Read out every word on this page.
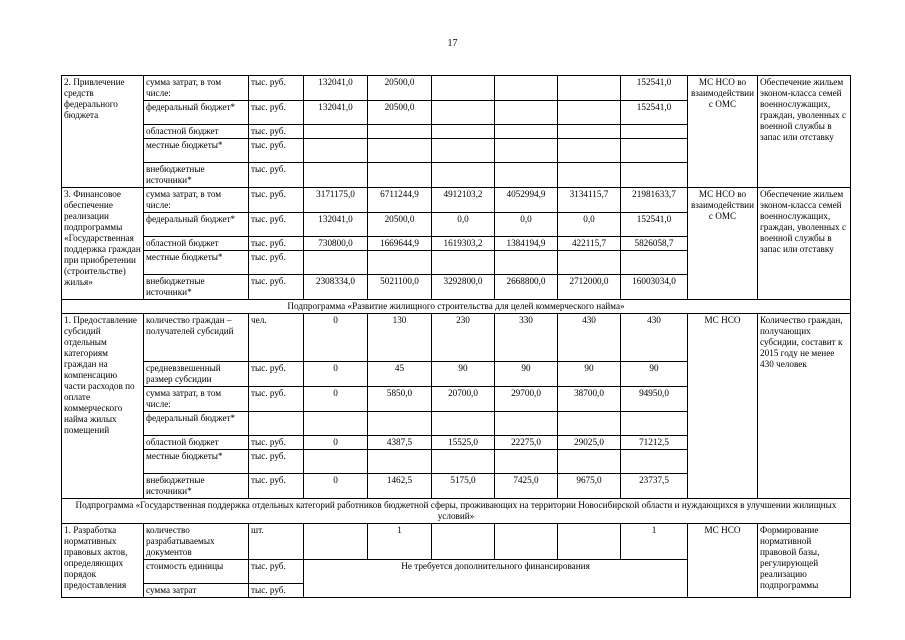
17
2. Привлечение средств федерального бюджета	сумма затрат, в том числе:	тыс. руб.	132041,0	20500,0				152541,0	МС НСО во взаимодействии с ОМС	Обеспечение жильем эконом-класса семей военнослужащих, граждан, уволенных с военной службы в запас или отставку
	федеральный бюджет*	тыс. руб.	132041,0	20500,0				152541,0		
	областной бюджет	тыс. руб.								
	местные бюджеты*	тыс. руб.								
	внебюджетные источники*	тыс. руб.								
3. Финансовое обеспечение реализации подпрограммы «Государственная поддержка граждан при приобретении (строительстве) жилья»	сумма затрат, в том числе:	тыс. руб.	3171175,0	6711244,9	4912103,2	4052994,9	3134115,7	21981633,7	МС НСО во взаимодействии с ОМС	Обеспечение жильем эконом-класса семей военнослужащих, граждан, уволенных с военной службы в запас или отставку
	федеральный бюджет*	тыс. руб.	132041,0	20500,0	0,0	0,0	0,0	152541,0		
	областной бюджет	тыс. руб.	730800,0	1669644,9	1619303,2	1384194,9	422115,7	5826058,7		
	местные бюджеты*	тыс. руб.								
	внебюджетные источники*	тыс. руб.	2308334,0	5021100,0	3292800,0	2668800,0	2712000,0	16003034,0		
Подпрограмма «Развитие жилищного строительства для целей коммерческого найма»										
1. Предоставление субсидий отдельным категориям граждан на компенсацию части расходов по оплате коммерческого найма жилых помещений	количество граждан – получателей субсидий	чел.	0	130	230	330	430	430	МС НСО	Количество граждан, получающих субсидии, составит к 2015 году не менее 430 человек
	средневзвешенный размер субсидии	тыс. руб.	0	45	90	90	90	90		
	сумма затрат, в том числе:	тыс. руб.	0	5850,0	20700,0	29700,0	38700,0	94950,0		
	федеральный бюджет*									
	областной бюджет	тыс. руб.	0	4387,5	15525,0	22275,0	29025,0	71212,5		
	местные бюджеты*	тыс. руб.								
	внебюджетные источники*	тыс. руб.	0	1462,5	5175,0	7425,0	9675,0	23737,5		
Подпрограмма «Государственная поддержка отдельных категорий работников бюджетной сферы, проживающих на территории Новосибирской области и нуждающихся в улучшении жилищных условий»										
1. Разработка нормативных правовых актов, определяющих порядок предоставления	количество разрабатываемых документов	шт.		1				1	МС НСО	Формирование нормативной правовой базы, регулирующей реализацию подпрограммы
	стоимость единицы	тыс. руб.	Не требуется дополнительного финансирования							
	сумма затрат	тыс. руб.								
